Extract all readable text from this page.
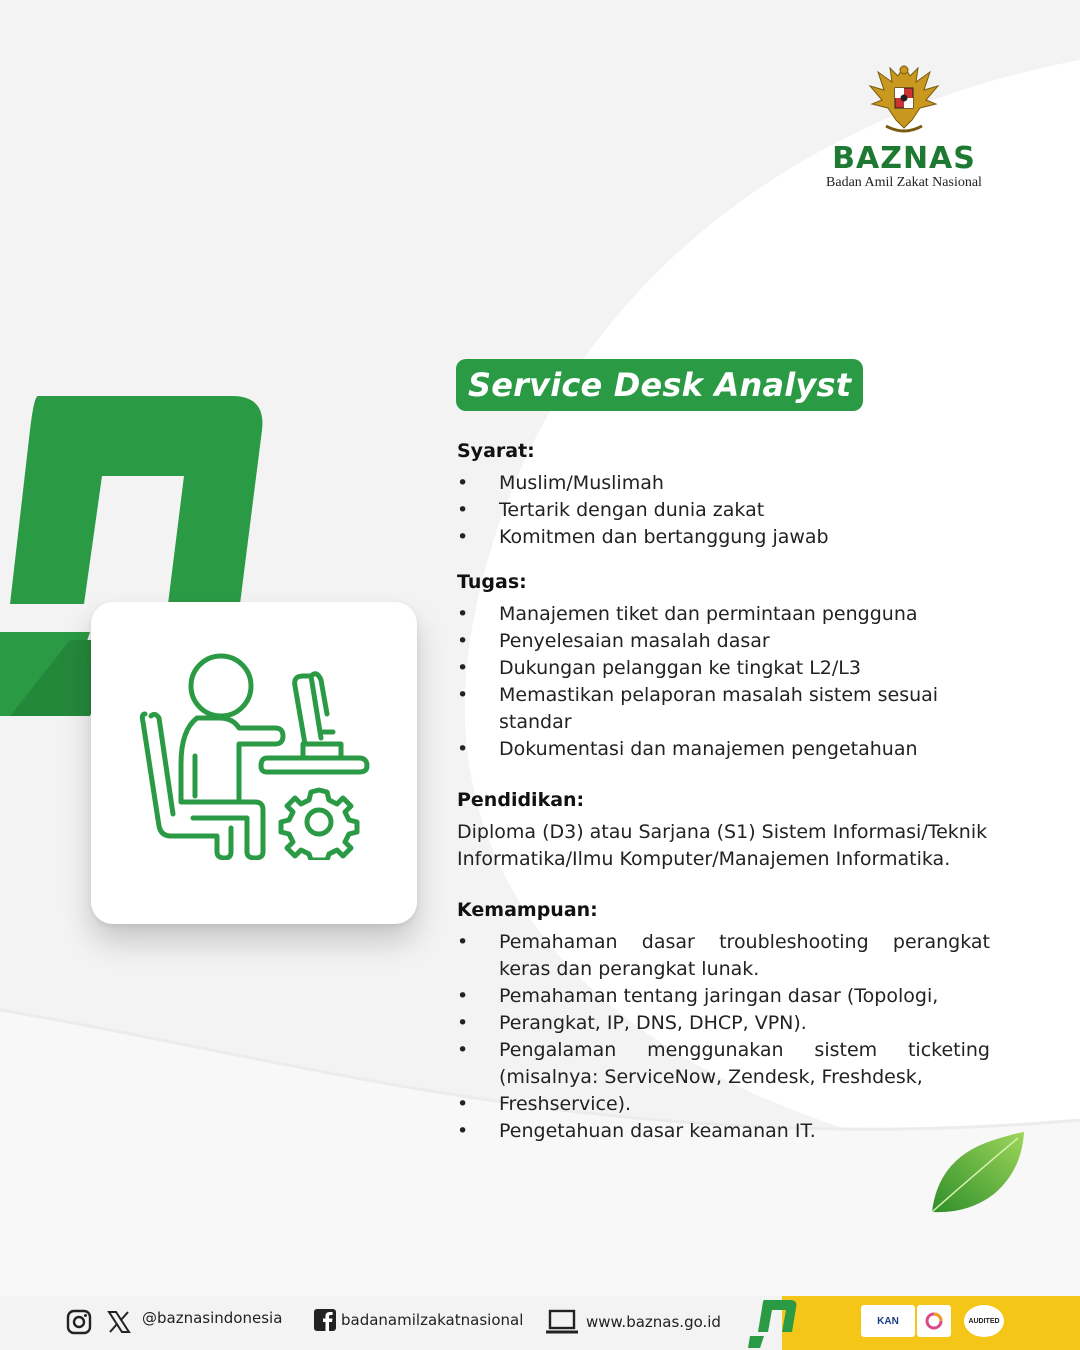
BAZNAS
Badan Amil Zakat Nasional
Service Desk Analyst
Syarat:
• Muslim/Muslimah
• Tertarik dengan dunia zakat
• Komitmen dan bertanggung jawab
Tugas:
• Manajemen tiket dan permintaan pengguna
• Penyelesaian masalah dasar
• Dukungan pelanggan ke tingkat L2/L3
• Memastikan pelaporan masalah sistem sesuai standar
• Dokumentasi dan manajemen pengetahuan
Pendidikan:

Diploma (D3) atau Sarjana (S1) Sistem Informasi/Teknik Informatika/Ilmu Komputer/Manajemen Informatika.

Kemampuan:
• Pemahaman dasar troubleshooting perangkat keras dan perangkat lunak.
• Pemahaman tentang jaringan dasar (Topologi,
• Perangkat, IP, DNS, DHCP, VPN).
• Pengalaman menggunakan sistem ticketing (misalnya: ServiceNow, Zendesk, Freshdesk,
• Freshservice).
• Pengetahuan dasar keamanan IT.
@baznasindonesia	badanamilzakatnasional	www.baznas.go.id	KAN	AUDITED
